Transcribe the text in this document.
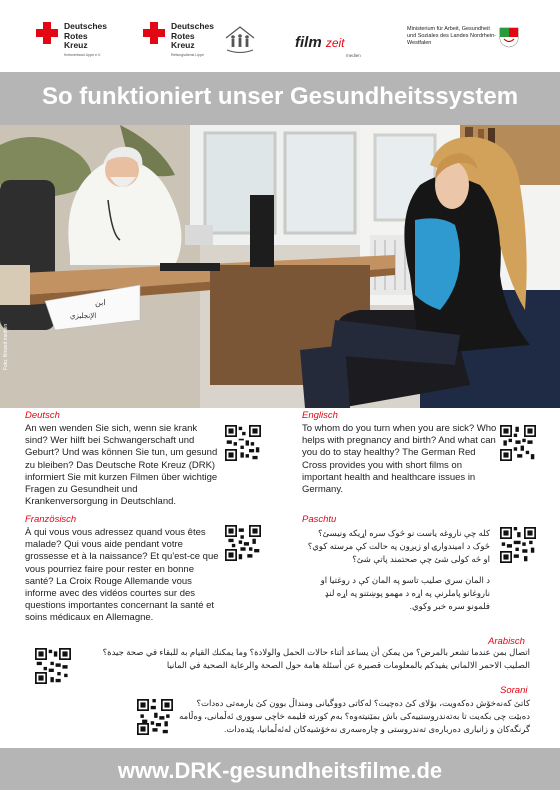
Deutsches
Rotes
Kreuz
Kreisverband Lippe e.V.
Deutsches
Rotes
Kreuz
Rettungsdienst Lippe
film zeit
medien
Ministerium für Arbeit, Gesundheit und Soziales des Landes Nordrhein-Westfalen
So funktioniert unser Gesundheitssystem
ابن
الإنجليزي
Foto: filmzeit medien
Deutsch
An wen wenden Sie sich, wenn sie krank sind? Wer hilft bei Schwangerschaft und Geburt? Und was können Sie tun, um gesund zu bleiben? Das Deutsche Rote Kreuz (DRK) informiert Sie mit kurzen Filmen über wichtige Fragen zu Gesundheit und Krankenversorgung in Deutschland.
Englisch
To whom do you turn when you are sick? Who helps with pregnancy and birth? And what can you do to stay healthy? The German Red Cross provides you with short films on important health and healthcare issues in Germany.
Französisch
À qui vous vous adressez quand vous êtes malade? Qui vous aide pendant votre grossesse et à la naissance? Et qu'est-ce que vous pourriez faire pour rester en bonne santé? La Croix Rouge Allemande vous informe avec des vidéos courtes sur des questions importantes concernant la santé et soins médicaux en Allemagne.
Paschtu
کله چې ناروغه یاست نو څوک سره اړیکه ونیسئ؟ څوک د امیندوارۍ او زیږون په حالت کې مرسته کوي؟ او څه کولی شئ چې صحتمند پاتې شئ؟
د المان سري صلیب تاسو په المان کې د روغتیا او ناروغانو پاملرنې په اړه د مهمو پوښتنو په اړه لنډ فلمونو سره خبر وکوي.
Arabisch
اتصال بمن عندما تشعر بالمرض؟ من يمكن أن يساعد أثناء حالات الحمل والولادة؟ وما يمكنك القيام به للبقاء في صحة جيدة؟ الصليب الاحمر الالماني يفيدكم بالمعلومات قصيرة عن أسئلة هامة حول الصحة والرعاية الصحية في المانيا
Sorani
کاتێ کەنەخۆش دەکەویت، بۆلای کێ دەچیت؟ لەکاتی دووگیانی ومنداڵ بوون کێ یارمەتی دەدات؟ دەبێت چی بکەیت تا بەتەندروستییەکی باش بمێنیتەوە؟ بەم کورتە فلیمە خاچی سووری ئەڵمانی، وەڵامە گرنگەکان و زانیاری دەربارەی تەندروستی و چارەسەری نەخۆشیەکان لەئەڵمانیا، پێدەدات.
www.DRK-gesundheitsfilme.de
